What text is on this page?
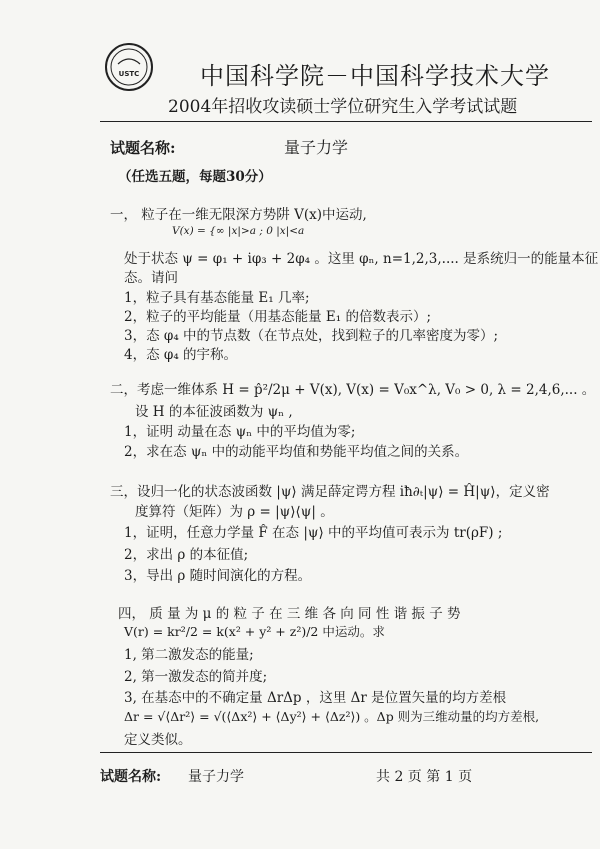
USTC	中国科学院－中国科学技术大学
2004年招收攻读硕士学位研究生入学考试试题
试题名称:	量子力学
（任选五题，每题30分）
一， 粒子在一维无限深方势阱 V(x)中运动,
V(x) = {∞ |x|>a ; 0 |x|<a
处于状态 ψ = φ₁ + iφ₃ + 2φ₄ 。这里 φₙ, n=1,2,3,.... 是系统归一的能量本征
态。请问
1，粒子具有基态能量 E₁ 几率;
2，粒子的平均能量（用基态能量 E₁ 的倍数表示）;
3，态 φ₄ 中的节点数（在节点处，找到粒子的几率密度为零）;
4，态 φ₄ 的宇称。
二，考虑一维体系 H = p̂²/2μ + V(x), V(x) = V₀x^λ, V₀ > 0, λ = 2,4,6,... 。
设 H 的本征波函数为 ψₙ ,
1，证明 动量在态 ψₙ 中的平均值为零;
2，求在态 ψₙ 中的动能平均值和势能平均值之间的关系。
三，设归一化的状态波函数 |ψ⟩ 满足薛定谔方程 iħ∂ₜ|ψ⟩ = Ĥ|ψ⟩，定义密
度算符（矩阵）为 ρ = |ψ⟩⟨ψ| 。
1，证明，任意力学量 F̂ 在态 |ψ⟩ 中的平均值可表示为 tr(ρF) ;
2，求出 ρ 的本征值;
3，导出 ρ 随时间演化的方程。
四， 质 量 为 μ 的 粒 子 在 三 维 各 向 同 性 谐 振 子 势
V(r) = kr²/2 = k(x² + y² + z²)/2 中运动。求
1, 第二激发态的能量;
2, 第一激发态的简并度;
3, 在基态中的不确定量 ΔrΔp ，这里 Δr 是位置矢量的均方差根
Δr = √⟨Δr²⟩ = √(⟨Δx²⟩ + ⟨Δy²⟩ + ⟨Δz²⟩) 。Δp 则为三维动量的均方差根,
定义类似。
试题名称: 量子力学	共 2 页 第 1 页
